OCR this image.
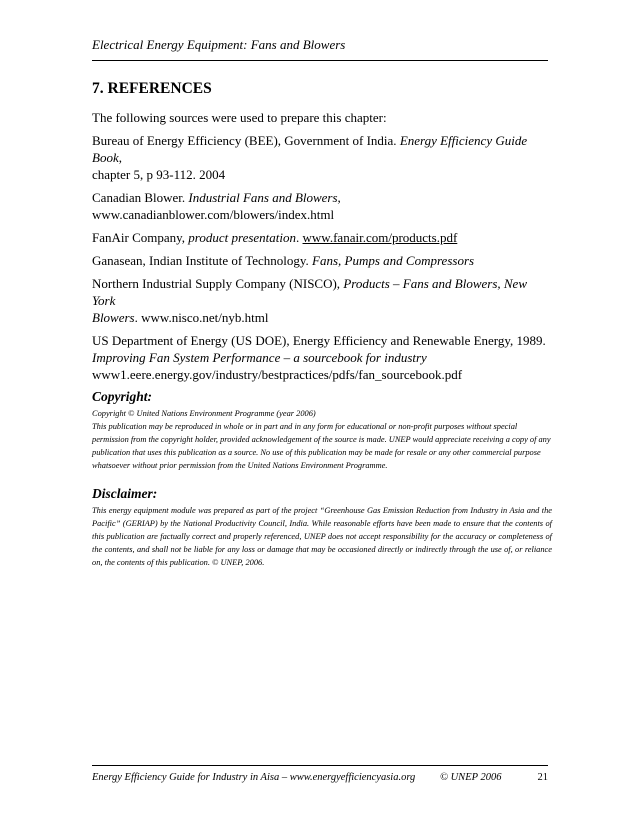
Electrical Energy Equipment: Fans and Blowers
7. REFERENCES

The following sources were used to prepare this chapter:

Bureau of Energy Efficiency (BEE), Government of India. Energy Efficiency Guide Book,
chapter 5, p 93-112. 2004

Canadian Blower. Industrial Fans and Blowers,
www.canadianblower.com/blowers/index.html

FanAir Company, product presentation. www.fanair.com/products.pdf

Ganasean, Indian Institute of Technology. Fans, Pumps and Compressors

Northern Industrial Supply Company (NISCO), Products – Fans and Blowers, New York
Blowers. www.nisco.net/nyb.html

US Department of Energy (US DOE), Energy Efficiency and Renewable Energy, 1989.
Improving Fan System Performance – a sourcebook for industry
www1.eere.energy.gov/industry/bestpractices/pdfs/fan_sourcebook.pdf

Copyright:

Copyright © United Nations Environment Programme (year 2006)

This publication may be reproduced in whole or in part and in any form for educational or non-profit purposes without special permission from the copyright holder, provided acknowledgement of the source is made. UNEP would appreciate receiving a copy of any publication that uses this publication as a source. No use of this publication may be made for resale or any other commercial purpose whatsoever without prior permission from the United Nations Environment Programme.

Disclaimer:

This energy equipment module was prepared as part of the project “Greenhouse Gas Emission Reduction from Industry in Asia and the Pacific” (GERIAP) by the National Productivity Council, India. While reasonable efforts have been made to ensure that the contents of this publication are factually correct and properly referenced, UNEP does not accept responsibility for the accuracy or completeness of the contents, and shall not be liable for any loss or damage that may be occasioned directly or indirectly through the use of, or reliance on, the contents of this publication. © UNEP, 2006.

Energy Efficiency Guide for Industry in Aisa – www.energyefficiencyasia.org © UNEP 2006	21
